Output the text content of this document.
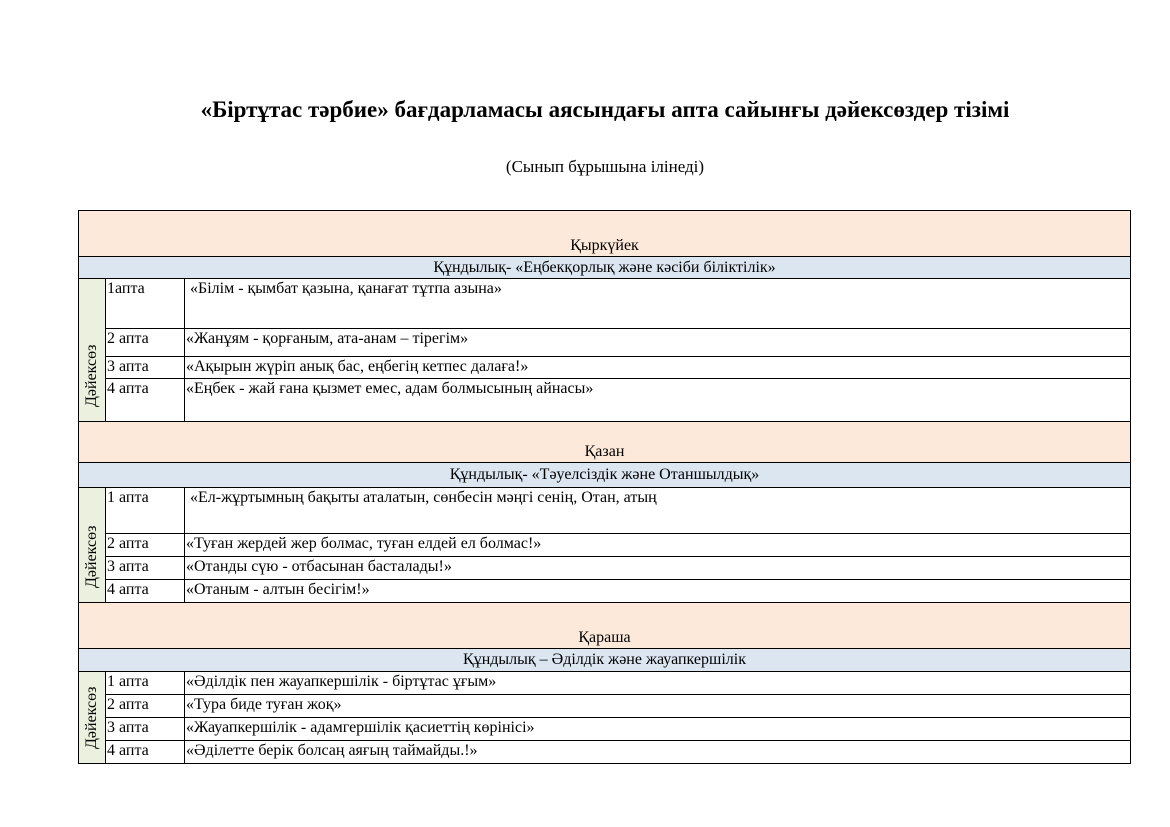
«Біртұтас тәрбие» бағдарламасы аясындағы апта сайынғы дәйексөздер тізімі
(Сынып бұрышына ілінеді)
Қыркүйек		
Құндылық- «Еңбекқорлық және кәсіби біліктілік»		

Дәйексөз	1апта	«Білім - қымбат қазына, қанағат тұтпа азына»
	2 апта	«Жанұям - қорғаным, ата-анам – тірегім»
	3 апта	«Ақырын жүріп анық бас, еңбегің кетпес далаға!»
	4 апта	«Еңбек - жай ғана қызмет емес, адам болмысының айнасы»
Қазан		
Құндылық- «Тәуелсіздік және Отаншылдық»		

Дәйексөз	1 апта	«Ел-жұртымның бақыты аталатын, сөнбесін мәңгі сенің, Отан, атың
	2 апта	«Туған жердей жер болмас, туған елдей ел болмас!»
	3 апта	«Отанды сүю - отбасынан басталады!»
	4 апта	«Отаным - алтын бесігім!»
Қараша		
Құндылық – Әділдік және жауапкершілік		

Дәйексөз	1 апта	«Әділдік пен жауапкершілік - біртұтас ұғым»
	2 апта	«Тура биде туған жоқ»
	3 апта	«Жауапкершілік - адамгершілік қасиеттің көрінісі»
	4 апта	«Әділетте берік болсаң аяғың таймайды.!»
